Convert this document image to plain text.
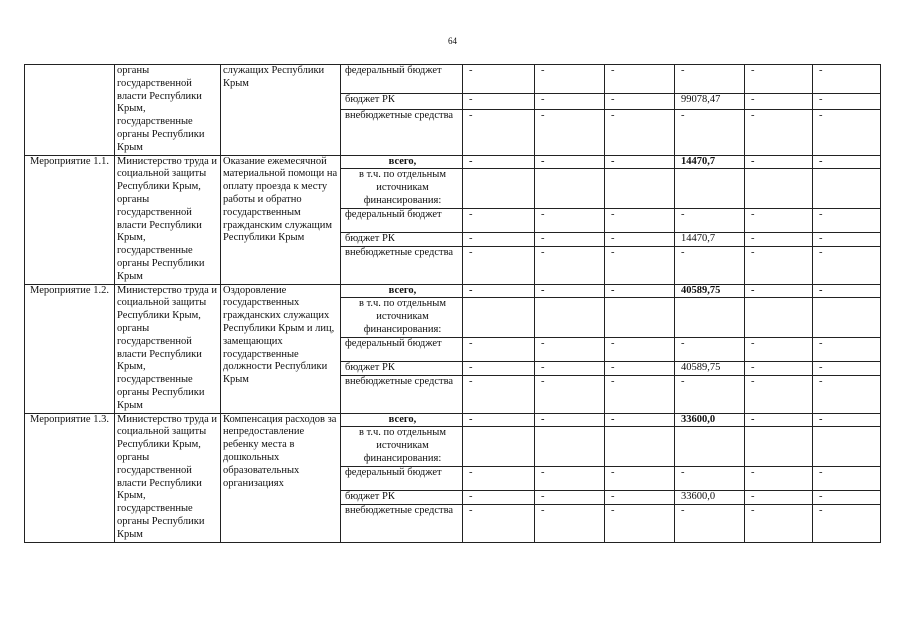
64
	органы государственной власти Республики Крым, государственные органы Республики Крым	служащих Республики Крым	федеральный бюджет	-	-	-	-	-	-
			бюджет РК	-	-	-	99078,47	-	-
			внебюджетные средства	-	-	-	-	-	-
Мероприятие 1.1.	Министерство труда и социальной защиты Республики Крым, органы государственной власти Республики Крым, государственные органы Республики Крым	Оказание ежемесячной материальной помощи на оплату проезда к месту работы и обратно государственным гражданским служащим Республики Крым	всего,	-	-	-	14470,7	-	-
			в т.ч. по отдельным источникам финансирования:						
			федеральный бюджет	-	-	-	-	-	-
			бюджет РК	-	-	-	14470,7	-	-
			внебюджетные средства	-	-	-	-	-	-
Мероприятие 1.2.	Министерство труда и социальной защиты Республики Крым, органы государственной власти Республики Крым, государственные органы Республики Крым	Оздоровление государственных гражданских служащих Республики Крым и лиц, замещающих государственные должности Республики Крым	всего,	-	-	-	40589,75	-	-
			в т.ч. по отдельным источникам финансирования:						
			федеральный бюджет	-	-	-	-	-	-
			бюджет РК	-	-	-	40589,75	-	-
			внебюджетные средства	-	-	-	-	-	-
Мероприятие 1.3.	Министерство труда и социальной защиты Республики Крым, органы государственной власти Республики Крым, государственные органы Республики Крым	Компенсация расходов за непредоставление ребенку места в дошкольных образовательных организациях	всего,	-	-	-	33600,0	-	-
			в т.ч. по отдельным источникам финансирования:						
			федеральный бюджет	-	-	-	-	-	-
			бюджет РК	-	-	-	33600,0	-	-
			внебюджетные средства	-	-	-	-	-	-
